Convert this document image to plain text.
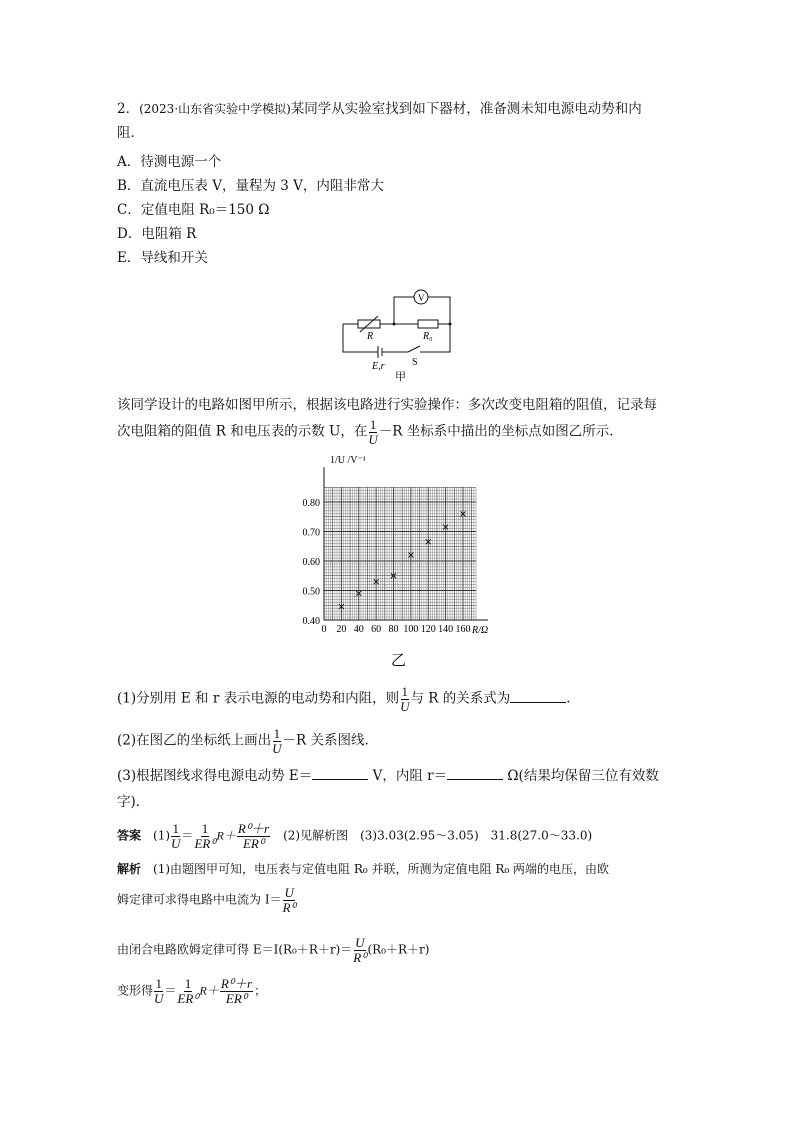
2．(2023·山东省实验中学模拟)某同学从实验室找到如下器材，准备测未知电源电动势和内
阻．
A．待测电源一个
B．直流电压表 V，量程为 3 V，内阻非常大
C．定值电阻 R₀＝150 Ω
D．电阻箱 R
E．导线和开关
V
R	R₀
E,r	S
甲
该同学设计的电路如图甲所示，根据该电路进行实验操作：多次改变电阻箱的阻值，记录每
次电阻箱的阻值 R 和电压表的示数 U，在 $\frac{1}{U} -R$ 坐标系中描出的坐标点如图乙所示．
0 20 40 60 80 100 120 140 160
0.40
0.50
0.60
0.70
0.80
1/U /V⁻¹
R/Ω
乙
(1)分别用 E 和 r 表示电源的电动势和内阻，则 $\frac{1}{U}$ 与 R 的关系式为	．
(2)在图乙的坐标纸上画出 $\frac{1}{U} -R$ 关系图线．
(3)根据图线求得电源电动势 E＝	V，内阻 r＝	Ω(结果均保留三位有效数
字)．
答案　 $(1) \frac{1}{U} = \frac{1}{\text{ER⁰}} R+ \frac{\text{R⁰＋r}}{\text{ER⁰}}$
　 (2)见解析图　(3)3.03(2.95～3.05)　31.8(27.0～33.0)
解析　 (1)由题图甲可知，电压表与定值电阻 R₀ 并联，所测为定值电阻 R₀ 两端的电压，由欧
姆定律可求得电路中电流为 $I= \frac{U}{\text{R⁰}}$
由闭合电路欧姆定律可得 $E=I(R_0+R+r)= \frac{U}{\text{R⁰}} (R_0+R+r)$
变形得 $\frac{1}{U} = \frac{1}{\text{ER⁰}} R+ \frac{\text{R⁰＋r}}{\text{ER⁰}}$ ；
